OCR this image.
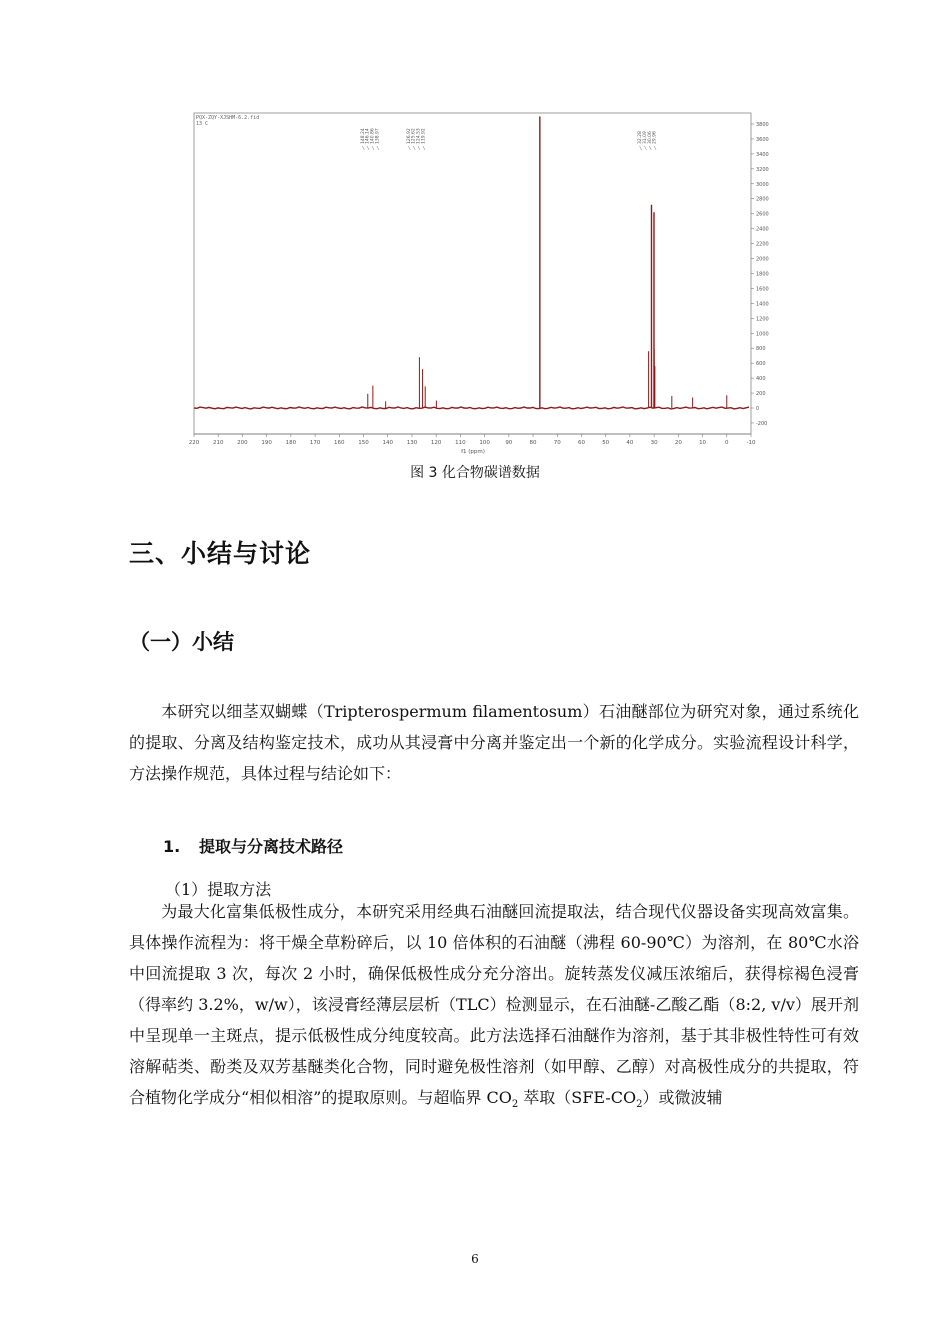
PQX-ZQY-XJSHM-6.2.fid
13 C	3800
3600
3400
3200
3000
2800
2600
2400
2200
2000
1800
1600
1400
1200
1000
800
600
400
200
0
-200
220 210 200 190 180 170 160 150 140 130 120 110 100	90	80	70	60	50	40	30	20	10	0	-10
148.24 146.14 140.86 138.97	126.92 125.62 124.53 119.92	32.28 31.09 30.06 29.96
f1 (ppm)
图 3 化合物碳谱数据
三、小结与讨论
（一）小结
本研究以细茎双蝴蝶（Tripterospermum filamentosum）石油醚部位为研究对象，通过系统化的提取、分离及结构鉴定技术，成功从其浸膏中分离并鉴定出一个新的化学成分。实验流程设计科学，方法操作规范，具体过程与结论如下：
1. 提取与分离技术路径
（1）提取方法
为最大化富集低极性成分，本研究采用经典石油醚回流提取法，结合现代仪器设备实现高效富集。具体操作流程为：将干燥全草粉碎后，以 10 倍体积的石油醚（沸程 60-90℃）为溶剂，在 80℃水浴中回流提取 3 次，每次 2 小时，确保低极性成分充分溶出。旋转蒸发仪减压浓缩后，获得棕褐色浸膏（得率约 3.2%，w/w），该浸膏经薄层层析（TLC）检测显示，在石油醚-乙酸乙酯（8:2, v/v）展开剂中呈现单一主斑点，提示低极性成分纯度较高。此方法选择石油醚作为溶剂，基于其非极性特性可有效溶解萜类、酚类及双芳基醚类化合物，同时避免极性溶剂（如甲醇、乙醇）对高极性成分的共提取，符合植物化学成分“相似相溶”的提取原则。与超临界 $CO_2$ 萃取$(SFE-CO_2)$或微波辅
6
